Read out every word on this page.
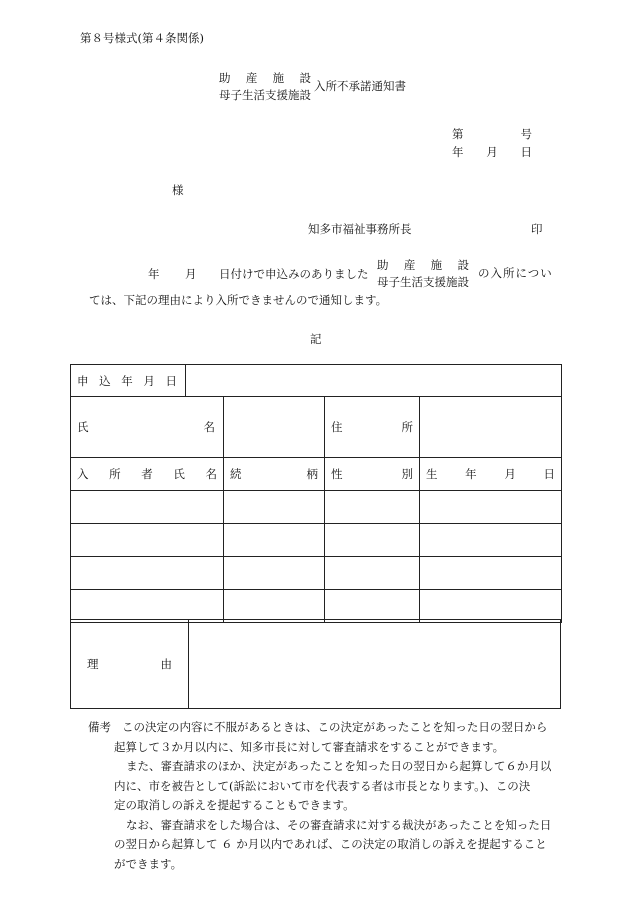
第８号様式(第４条関係)
助 産 施 設
母子生活支援施設
入所不承諾通知書
第	号
年 月 日
様
知多市福祉事務所長	印
年 月 日付けで申込みのありました
助 産 施 設
母子生活支援施設
の入所につい
ては、下記の理由により入所できませんので通知します。
記
申 込 年 月 日				

氏 名			住 所	

入 所 者 氏 名		続 柄	性 別	生 年 月 日

理	由

備考 この決定の内容に不服があるときは、この決定があったことを知った日の翌日から

起算して３か月以内に、知多市長に対して審査請求をすることができます。

また、審査請求のほか、決定があったことを知った日の翌日から起算して６か月以

内に、市を被告として(訴訟において市を代表する者は市長となります。)、この決

定の取消しの訴えを提起することもできます。

なお、審査請求をした場合は、その審査請求に対する裁決があったことを知った日

の翌日から起算して ６ か月以内であれば、この決定の取消しの訴えを提起すること

ができます。
